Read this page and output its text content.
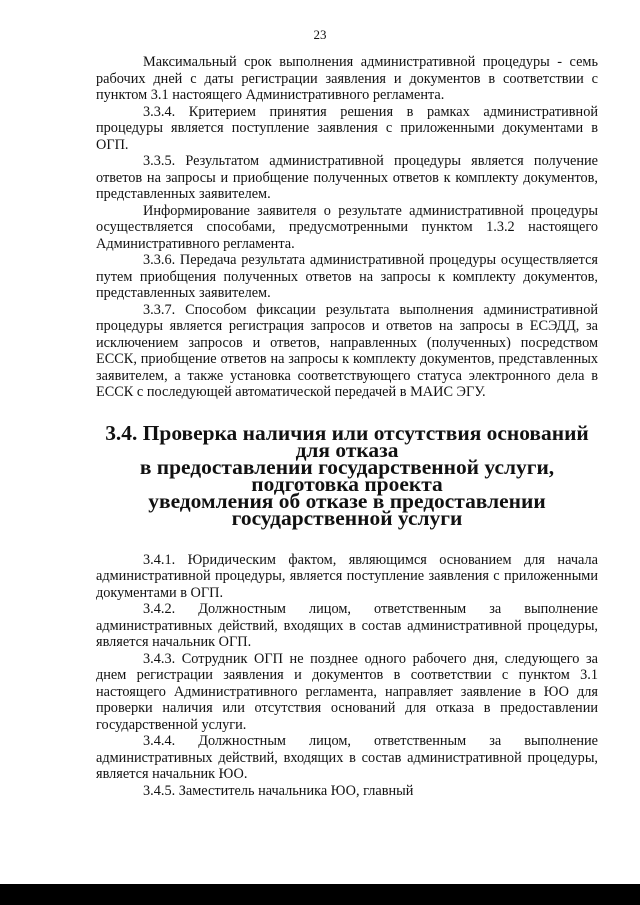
23

Максимальный срок выполнения административной процедуры - семь рабочих дней с даты регистрации заявления и документов в соответствии с пунктом 3.1 настоящего Административного регламента.

3.3.4. Критерием принятия решения в рамках административной процедуры является поступление заявления с приложенными документами в ОГП.

3.3.5. Результатом административной процедуры является получение ответов на запросы и приобщение полученных ответов к комплекту документов, представленных заявителем.

Информирование заявителя о результате административной процедуры осуществляется способами, предусмотренными пунктом 1.3.2 настоящего Административного регламента.

3.3.6. Передача результата административной процедуры осуществляется путем приобщения полученных ответов на запросы к комплекту документов, представленных заявителем.

3.3.7. Способом фиксации результата выполнения административной процедуры является регистрация запросов и ответов на запросы в ЕСЭДД, за исключением запросов и ответов, направленных (полученных) посредством ЕССК, приобщение ответов на запросы к комплекту документов, представленных заявителем, а также установка соответствующего статуса электронного дела в ЕССК с последующей автоматической передачей в МАИС ЭГУ.

3.4. Проверка наличия или отсутствия оснований для отказа
в предоставлении государственной услуги, подготовка проекта
уведомления об отказе в предоставлении
государственной услуги

3.4.1. Юридическим фактом, являющимся основанием для начала административной процедуры, является поступление заявления с приложенными документами в ОГП.

3.4.2. Должностным лицом, ответственным за выполнение административных действий, входящих в состав административной процедуры, является начальник ОГП.

3.4.3. Сотрудник ОГП не позднее одного рабочего дня, следующего за днем регистрации заявления и документов в соответствии с пунктом 3.1 настоящего Административного регламента, направляет заявление в ЮО для проверки наличия или отсутствия оснований для отказа в предоставлении государственной услуги.

3.4.4. Должностным лицом, ответственным за выполнение административных действий, входящих в состав административной процедуры, является начальник ЮО.

3.4.5. Заместитель начальника ЮО, главный
